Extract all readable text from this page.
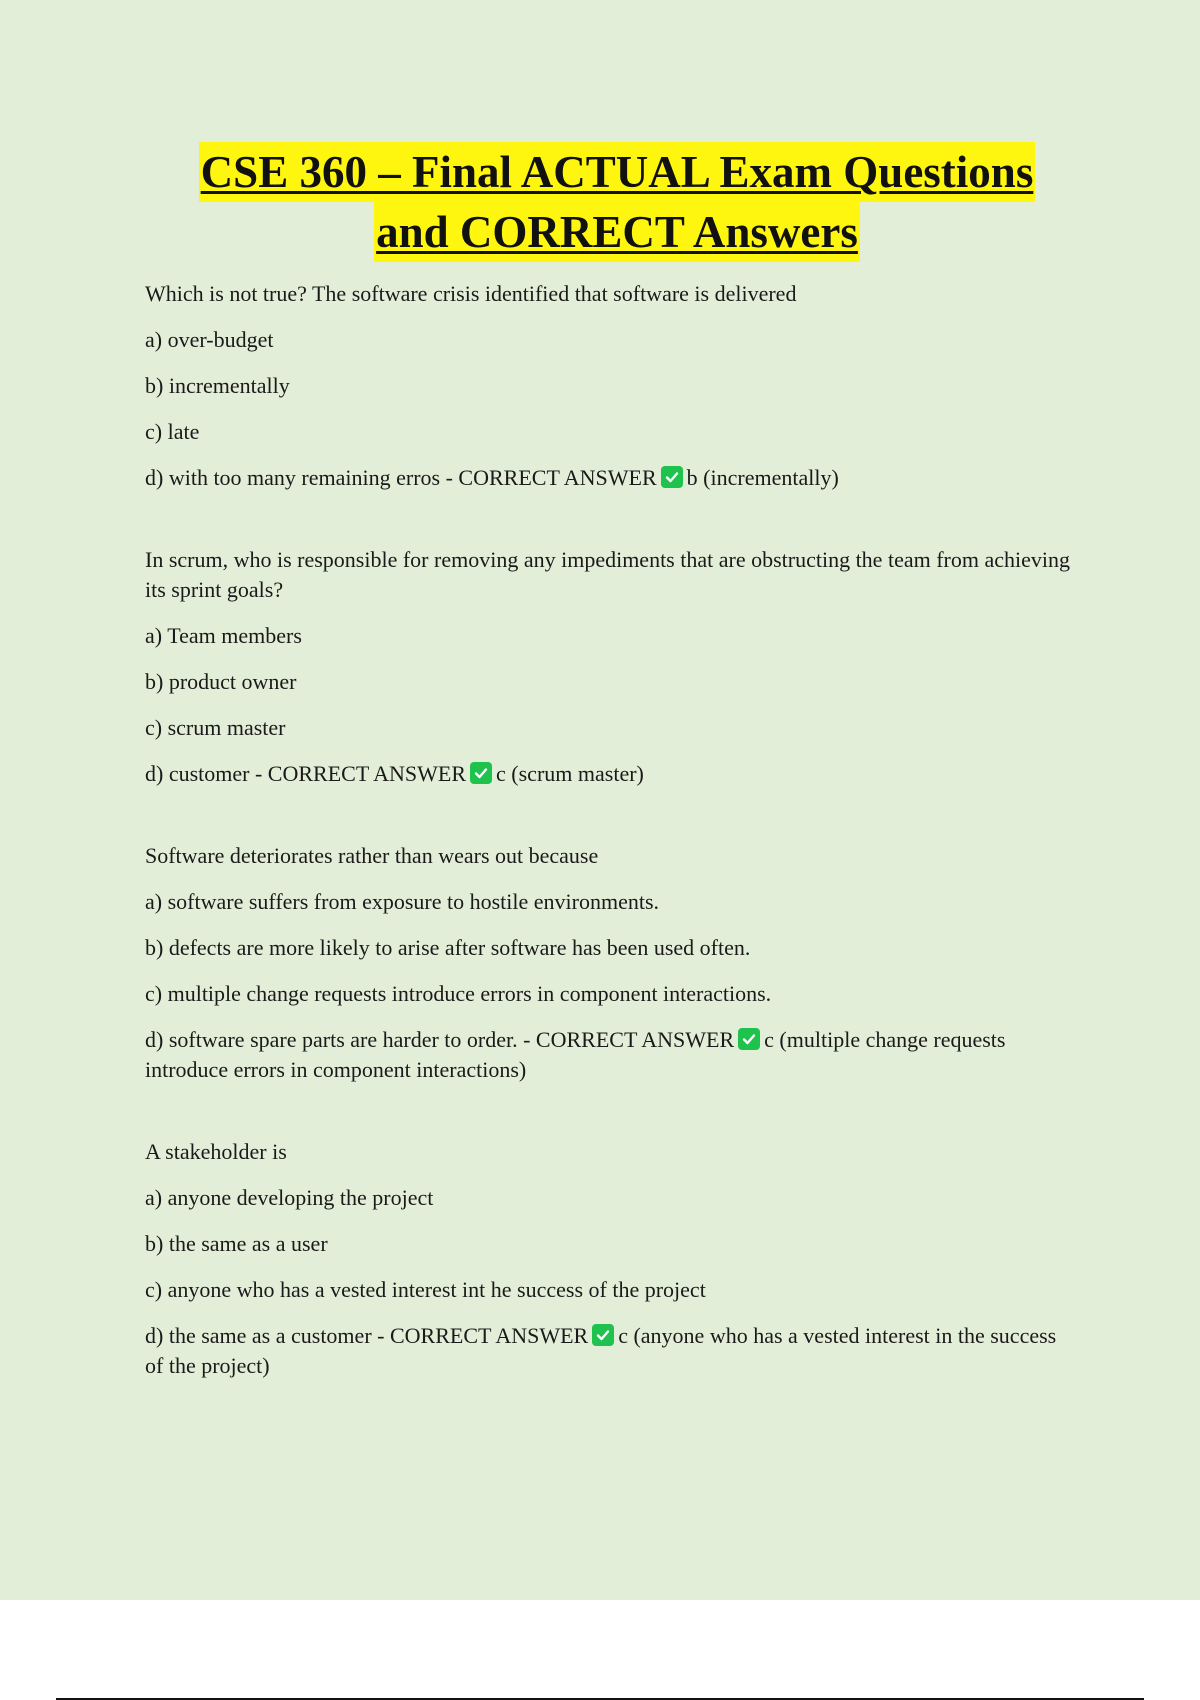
CSE 360 – Final ACTUAL Exam Questions
and CORRECT Answers
Which is not true? The software crisis identified that software is delivered
a) over-budget
b) incrementally
c) late
d) with too many remaining erros - CORRECT ANSWER b (incrementally)
In scrum, who is responsible for removing any impediments that are obstructing the team from achieving its sprint goals?
a) Team members
b) product owner
c) scrum master
d) customer - CORRECT ANSWER c (scrum master)
Software deteriorates rather than wears out because
a) software suffers from exposure to hostile environments.
b) defects are more likely to arise after software has been used often.
c) multiple change requests introduce errors in component interactions.
d) software spare parts are harder to order. - CORRECT ANSWER c (multiple change requests introduce errors in component interactions)
A stakeholder is
a) anyone developing the project
b) the same as a user
c) anyone who has a vested interest int he success of the project
d) the same as a customer - CORRECT ANSWER c (anyone who has a vested interest in the success of the project)
